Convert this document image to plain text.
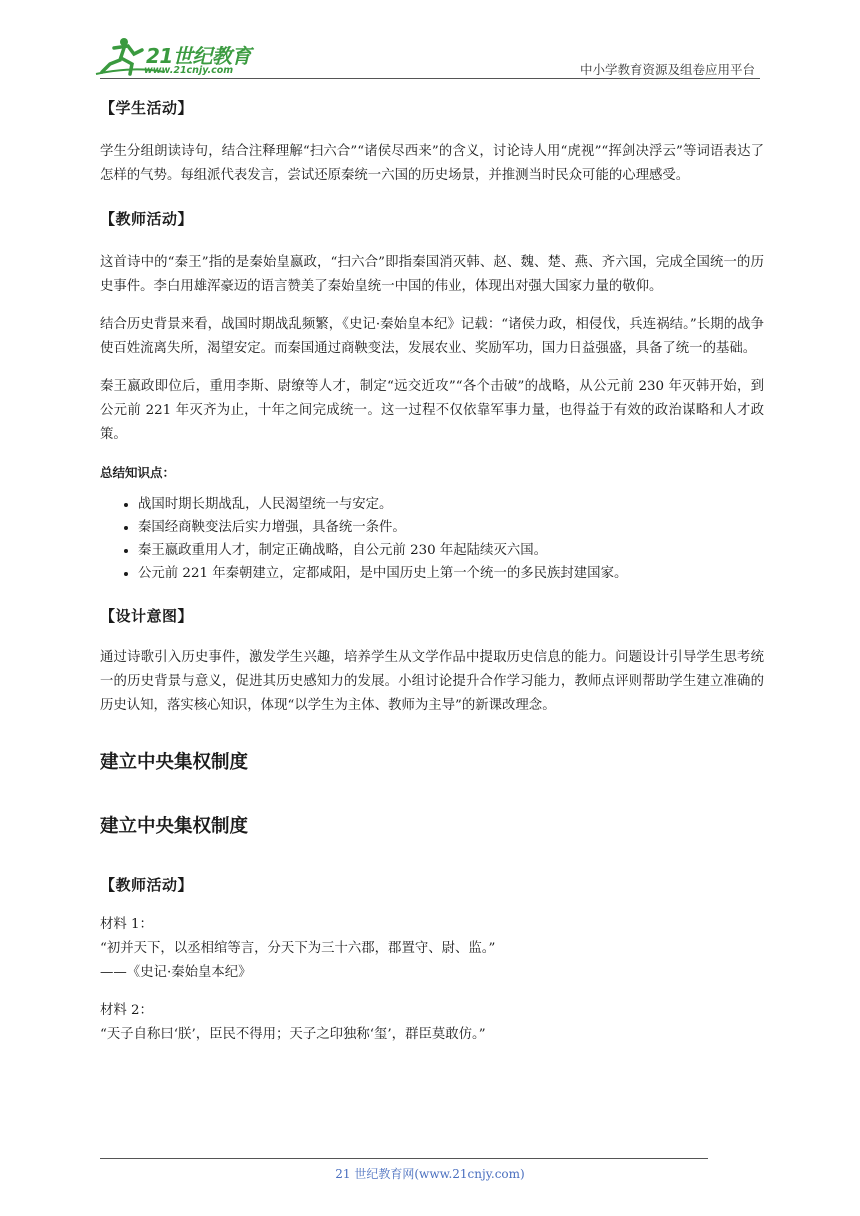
21世纪教育
www.21cnjy.com	中小学教育资源及组卷应用平台
【学生活动】

学生分组朗读诗句，结合注释理解“扫六合”“诸侯尽西来”的含义，讨论诗人用“虎视”“挥剑决浮云”等词语表达了怎样的气势。每组派代表发言，尝试还原秦统一六国的历史场景，并推测当时民众可能的心理感受。

【教师活动】

这首诗中的“秦王”指的是秦始皇嬴政，“扫六合”即指秦国消灭韩、赵、魏、楚、燕、齐六国，完成全国统一的历史事件。李白用雄浑豪迈的语言赞美了秦始皇统一中国的伟业，体现出对强大国家力量的敬仰。

结合历史背景来看，战国时期战乱频繁，《史记·秦始皇本纪》记载：“诸侯力政，相侵伐，兵连祸结。”长期的战争使百姓流离失所，渴望安定。而秦国通过商鞅变法，发展农业、奖励军功，国力日益强盛，具备了统一的基础。

秦王嬴政即位后，重用李斯、尉缭等人才，制定“远交近攻”“各个击破”的战略，从公元前 230 年灭韩开始，到公元前 221 年灭齐为止，十年之间完成统一。这一过程不仅依靠军事力量，也得益于有效的政治谋略和人才政策。

总结知识点：

• 战国时期长期战乱，人民渴望统一与安定。
• 秦国经商鞅变法后实力增强，具备统一条件。
• 秦王嬴政重用人才，制定正确战略，自公元前 230 年起陆续灭六国。
• 公元前 221 年秦朝建立，定都咸阳，是中国历史上第一个统一的多民族封建国家。
【设计意图】

通过诗歌引入历史事件，激发学生兴趣，培养学生从文学作品中提取历史信息的能力。问题设计引导学生思考统一的历史背景与意义，促进其历史感知力的发展。小组讨论提升合作学习能力，教师点评则帮助学生建立准确的历史认知，落实核心知识，体现“以学生为主体、教师为主导”的新课改理念。

建立中央集权制度
建立中央集权制度
【教师活动】

材料 1：

“初并天下，以丞相绾等言，分天下为三十六郡，郡置守、尉、监。”

——《史记·秦始皇本纪》

材料 2：

“天子自称曰‘朕’，臣民不得用；天子之印独称‘玺’，群臣莫敢仿。”

21 世纪教育网(www.21cnjy.com)
